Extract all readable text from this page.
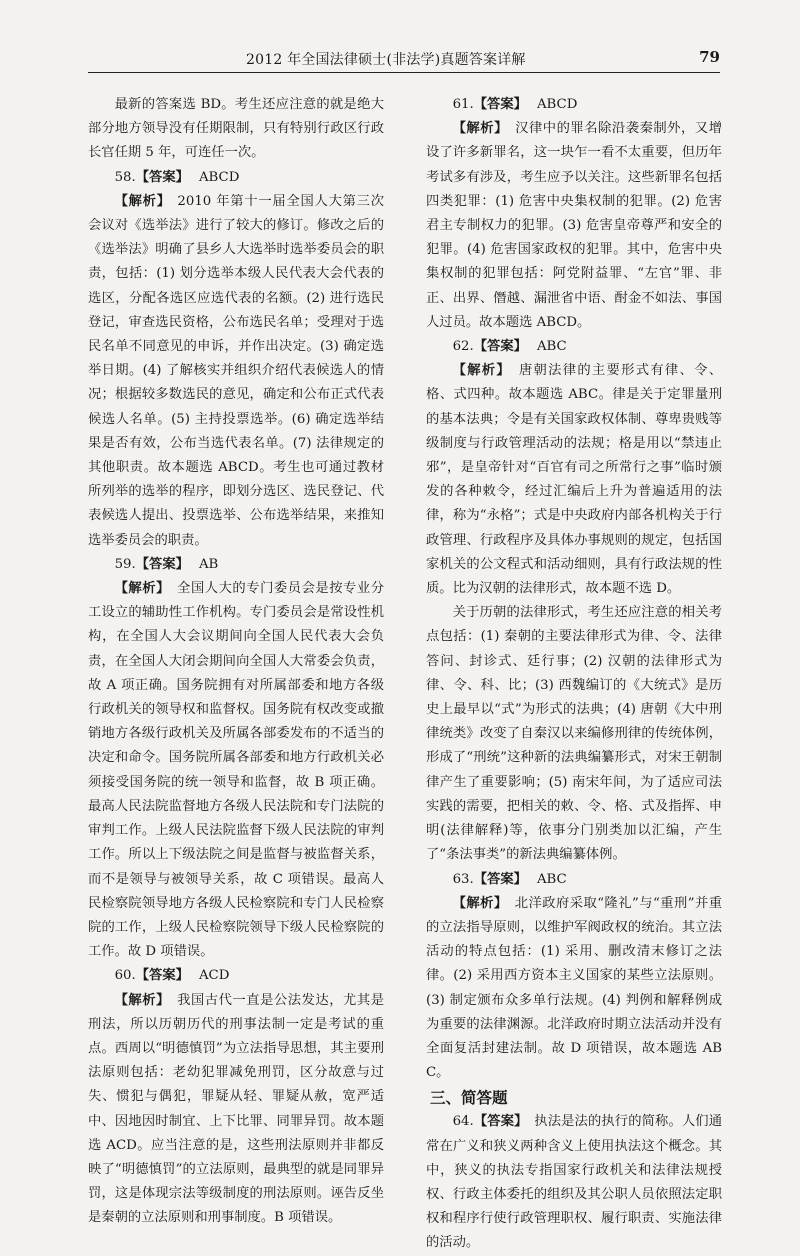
2012 年全国法律硕士(非法学)真题答案详解	79

最新的答案选 BD。考生还应注意的就是绝大部分地方领导没有任期限制，只有特别行政区行政长官任期 5 年，可连任一次。

58.【答案】 ABCD

【解析】  2010 年第十一届全国人大第三次会议对《选举法》进行了较大的修订。修改之后的《选举法》明确了县乡人大选举时选举委员会的职责，包括：(1) 划分选举本级人民代表大会代表的选区，分配各选区应选代表的名额。(2) 进行选民登记，审查选民资格，公布选民名单；受理对于选民名单不同意见的申诉，并作出决定。(3) 确定选举日期。(4) 了解核实并组织介绍代表候选人的情况；根据较多数选民的意见，确定和公布正式代表候选人名单。(5) 主持投票选举。(6) 确定选举结果是否有效，公布当选代表名单。(7) 法律规定的其他职责。故本题选 ABCD。考生也可通过教材所列举的选举的程序，即划分选区、选民登记、代表候选人提出、投票选举、公布选举结果，来推知选举委员会的职责。

59.【答案】 AB

【解析】  全国人大的专门委员会是按专业分工设立的辅助性工作机构。专门委员会是常设性机构，在全国人大会议期间向全国人民代表大会负责，在全国人大闭会期间向全国人大常委会负责，故 A 项正确。国务院拥有对所属部委和地方各级行政机关的领导权和监督权。国务院有权改变或撤销地方各级行政机关及所属各部委发布的不适当的决定和命令。国务院所属各部委和地方行政机关必须接受国务院的统一领导和监督，故 B 项正确。最高人民法院监督地方各级人民法院和专门法院的审判工作。上级人民法院监督下级人民法院的审判工作。所以上下级法院之间是监督与被监督关系，而不是领导与被领导关系，故 C 项错误。最高人民检察院领导地方各级人民检察院和专门人民检察院的工作，上级人民检察院领导下级人民检察院的工作。故 D 项错误。

60.【答案】 ACD

【解析】  我国古代一直是公法发达，尤其是刑法，所以历朝历代的刑事法制一定是考试的重点。西周以“明德慎罚”为立法指导思想，其主要刑法原则包括：老幼犯罪减免刑罚，区分故意与过失、惯犯与偶犯，罪疑从轻、罪疑从赦，宽严适中、因地因时制宜、上下比罪、同罪异罚。故本题选 ACD。应当注意的是，这些刑法原则并非都反映了“明德慎罚”的立法原则，最典型的就是同罪异罚，这是体现宗法等级制度的刑法原则。诬告反坐是秦朝的立法原则和刑事制度。B 项错误。

61.【答案】 ABCD

【解析】  汉律中的罪名除沿袭秦制外，又增设了许多新罪名，这一块乍一看不太重要，但历年考试多有涉及，考生应予以关注。这些新罪名包括四类犯罪：(1) 危害中央集权制的犯罪。(2) 危害君主专制权力的犯罪。(3) 危害皇帝尊严和安全的犯罪。(4) 危害国家政权的犯罪。其中，危害中央集权制的犯罪包括：阿党附益罪、“左官”罪、非正、出界、僭越、漏泄省中语、酎金不如法、事国人过员。故本题选 ABCD。

62.【答案】 ABC

【解析】  唐朝法律的主要形式有律、令、格、式四种。故本题选 ABC。律是关于定罪量刑的基本法典；令是有关国家政权体制、尊卑贵贱等级制度与行政管理活动的法规；格是用以“禁违止邪”，是皇帝针对“百官有司之所常行之事”临时颁发的各种敕令，经过汇编后上升为普遍适用的法律，称为“永格”；式是中央政府内部各机构关于行政管理、行政程序及具体办事规则的规定，包括国家机关的公文程式和活动细则，具有行政法规的性质。比为汉朝的法律形式，故本题不选 D。

关于历朝的法律形式，考生还应注意的相关考点包括：(1) 秦朝的主要法律形式为律、令、法律答问、封诊式、廷行事；(2) 汉朝的法律形式为律、令、科、比；(3) 西魏编订的《大统式》是历史上最早以“式”为形式的法典；(4) 唐朝《大中刑律统类》改变了自秦汉以来编修刑律的传统体例，形成了“刑统”这种新的法典编纂形式，对宋王朝制律产生了重要影响；(5) 南宋年间，为了适应司法实践的需要，把相关的敕、令、格、式及指挥、申明(法律解释)等，依事分门别类加以汇编，产生了“条法事类”的新法典编纂体例。

63.【答案】 ABC

【解析】  北洋政府采取“隆礼”与“重刑”并重的立法指导原则，以维护军阀政权的统治。其立法活动的特点包括：(1) 采用、删改清末修订之法律。(2) 采用西方资本主义国家的某些立法原则。(3) 制定颁布众多单行法规。(4) 判例和解释例成为重要的法律渊源。北洋政府时期立法活动并没有全面复活封建法制。故 D 项错误，故本题选 ABC。

三、简答题

64.【答案】  执法是法的执行的简称。人们通常在广义和狭义两种含义上使用执法这个概念。其中，狭义的执法专指国家行政机关和法律法规授权、行政主体委托的组织及其公职人员依照法定职权和程序行使行政管理职权、履行职责、实施法律的活动。
